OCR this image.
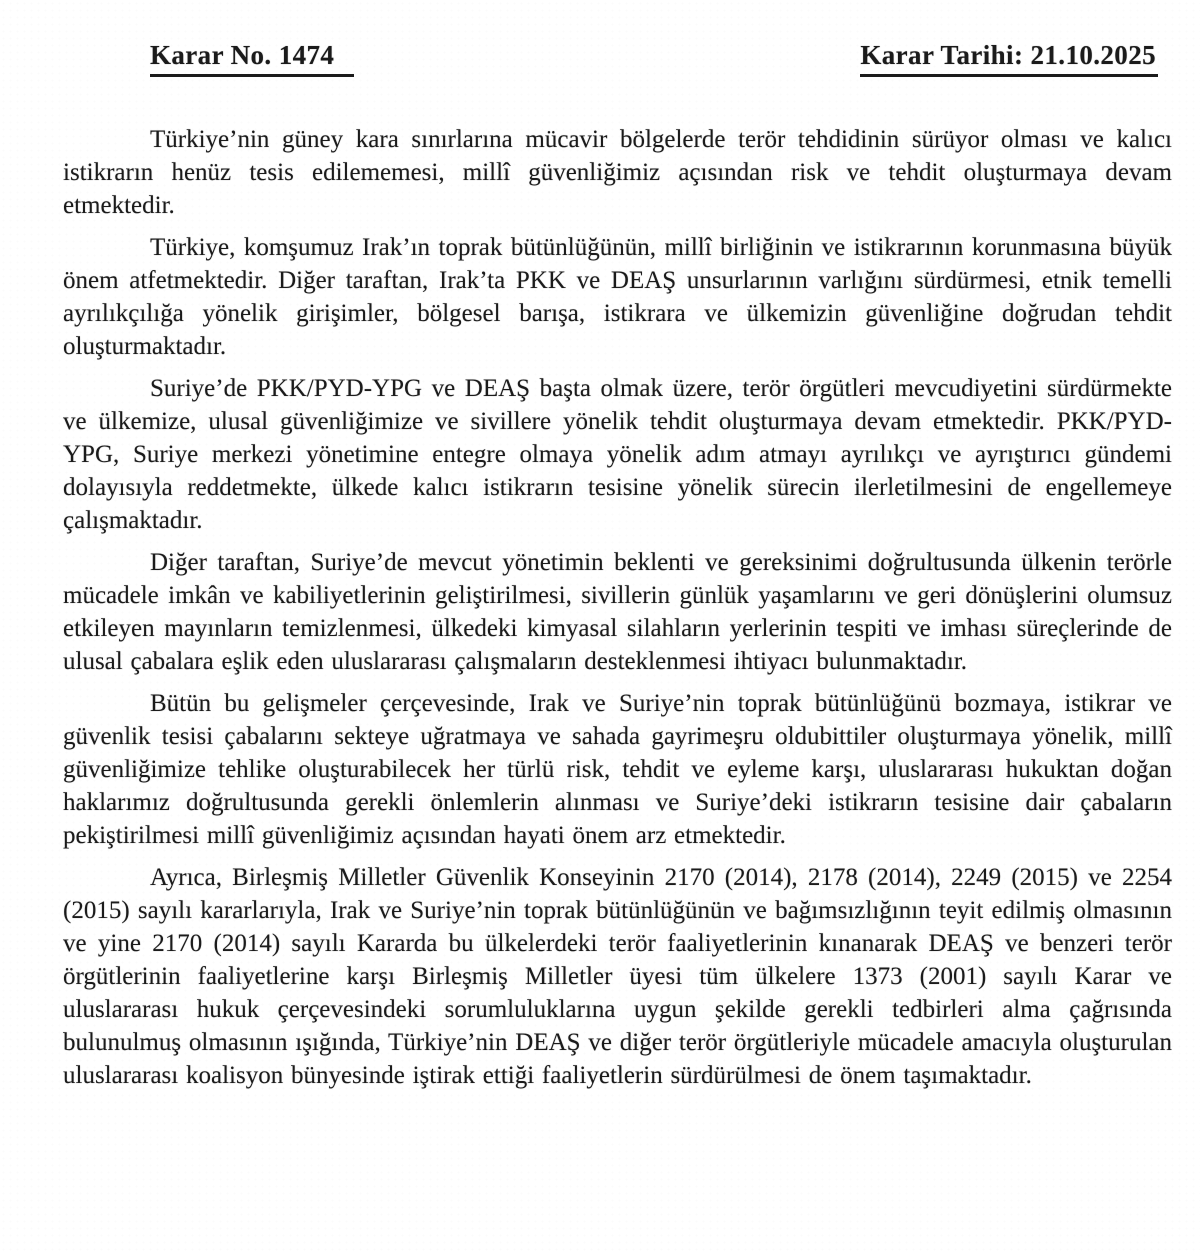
Karar No. 1474	Karar Tarihi: 21.10.2025

Türkiye’nin güney kara sınırlarına mücavir bölgelerde terör tehdidinin sürüyor olması ve kalıcı istikrarın henüz tesis edilememesi, millî güvenliğimiz açısından risk ve tehdit oluşturmaya devam etmektedir.

Türkiye, komşumuz Irak’ın toprak bütünlüğünün, millî birliğinin ve istikrarının korunmasına büyük önem atfetmektedir. Diğer taraftan, Irak’ta PKK ve DEAŞ unsurlarının varlığını sürdürmesi, etnik temelli ayrılıkçılığa yönelik girişimler, bölgesel barışa, istikrara ve ülkemizin güvenliğine doğrudan tehdit oluşturmaktadır.

Suriye’de PKK/PYD-YPG ve DEAŞ başta olmak üzere, terör örgütleri mevcudiyetini sürdürmekte ve ülkemize, ulusal güvenliğimize ve sivillere yönelik tehdit oluşturmaya devam etmektedir. PKK/PYD-YPG, Suriye merkezi yönetimine entegre olmaya yönelik adım atmayı ayrılıkçı ve ayrıştırıcı gündemi dolayısıyla reddetmekte, ülkede kalıcı istikrarın tesisine yönelik sürecin ilerletilmesini de engellemeye çalışmaktadır.

Diğer taraftan, Suriye’de mevcut yönetimin beklenti ve gereksinimi doğrultusunda ülkenin terörle mücadele imkân ve kabiliyetlerinin geliştirilmesi, sivillerin günlük yaşamlarını ve geri dönüşlerini olumsuz etkileyen mayınların temizlenmesi, ülkedeki kimyasal silahların yerlerinin tespiti ve imhası süreçlerinde de ulusal çabalara eşlik eden uluslararası çalışmaların desteklenmesi ihtiyacı bulunmaktadır.

Bütün bu gelişmeler çerçevesinde, Irak ve Suriye’nin toprak bütünlüğünü bozmaya, istikrar ve güvenlik tesisi çabalarını sekteye uğratmaya ve sahada gayrimeşru oldubittiler oluşturmaya yönelik, millî güvenliğimize tehlike oluşturabilecek her türlü risk, tehdit ve eyleme karşı, uluslararası hukuktan doğan haklarımız doğrultusunda gerekli önlemlerin alınması ve Suriye’deki istikrarın tesisine dair çabaların pekiştirilmesi millî güvenliğimiz açısından hayati önem arz etmektedir.

Ayrıca, Birleşmiş Milletler Güvenlik Konseyinin 2170 (2014), 2178 (2014), 2249 (2015) ve 2254 (2015) sayılı kararlarıyla, Irak ve Suriye’nin toprak bütünlüğünün ve bağımsızlığının teyit edilmiş olmasının ve yine 2170 (2014) sayılı Kararda bu ülkelerdeki terör faaliyetlerinin kınanarak DEAŞ ve benzeri terör örgütlerinin faaliyetlerine karşı Birleşmiş Milletler üyesi tüm ülkelere 1373 (2001) sayılı Karar ve uluslararası hukuk çerçevesindeki sorumluluklarına uygun şekilde gerekli tedbirleri alma çağrısında bulunulmuş olmasının ışığında, Türkiye’nin DEAŞ ve diğer terör örgütleriyle mücadele amacıyla oluşturulan uluslararası koalisyon bünyesinde iştirak ettiği faaliyetlerin sürdürülmesi de önem taşımaktadır.
